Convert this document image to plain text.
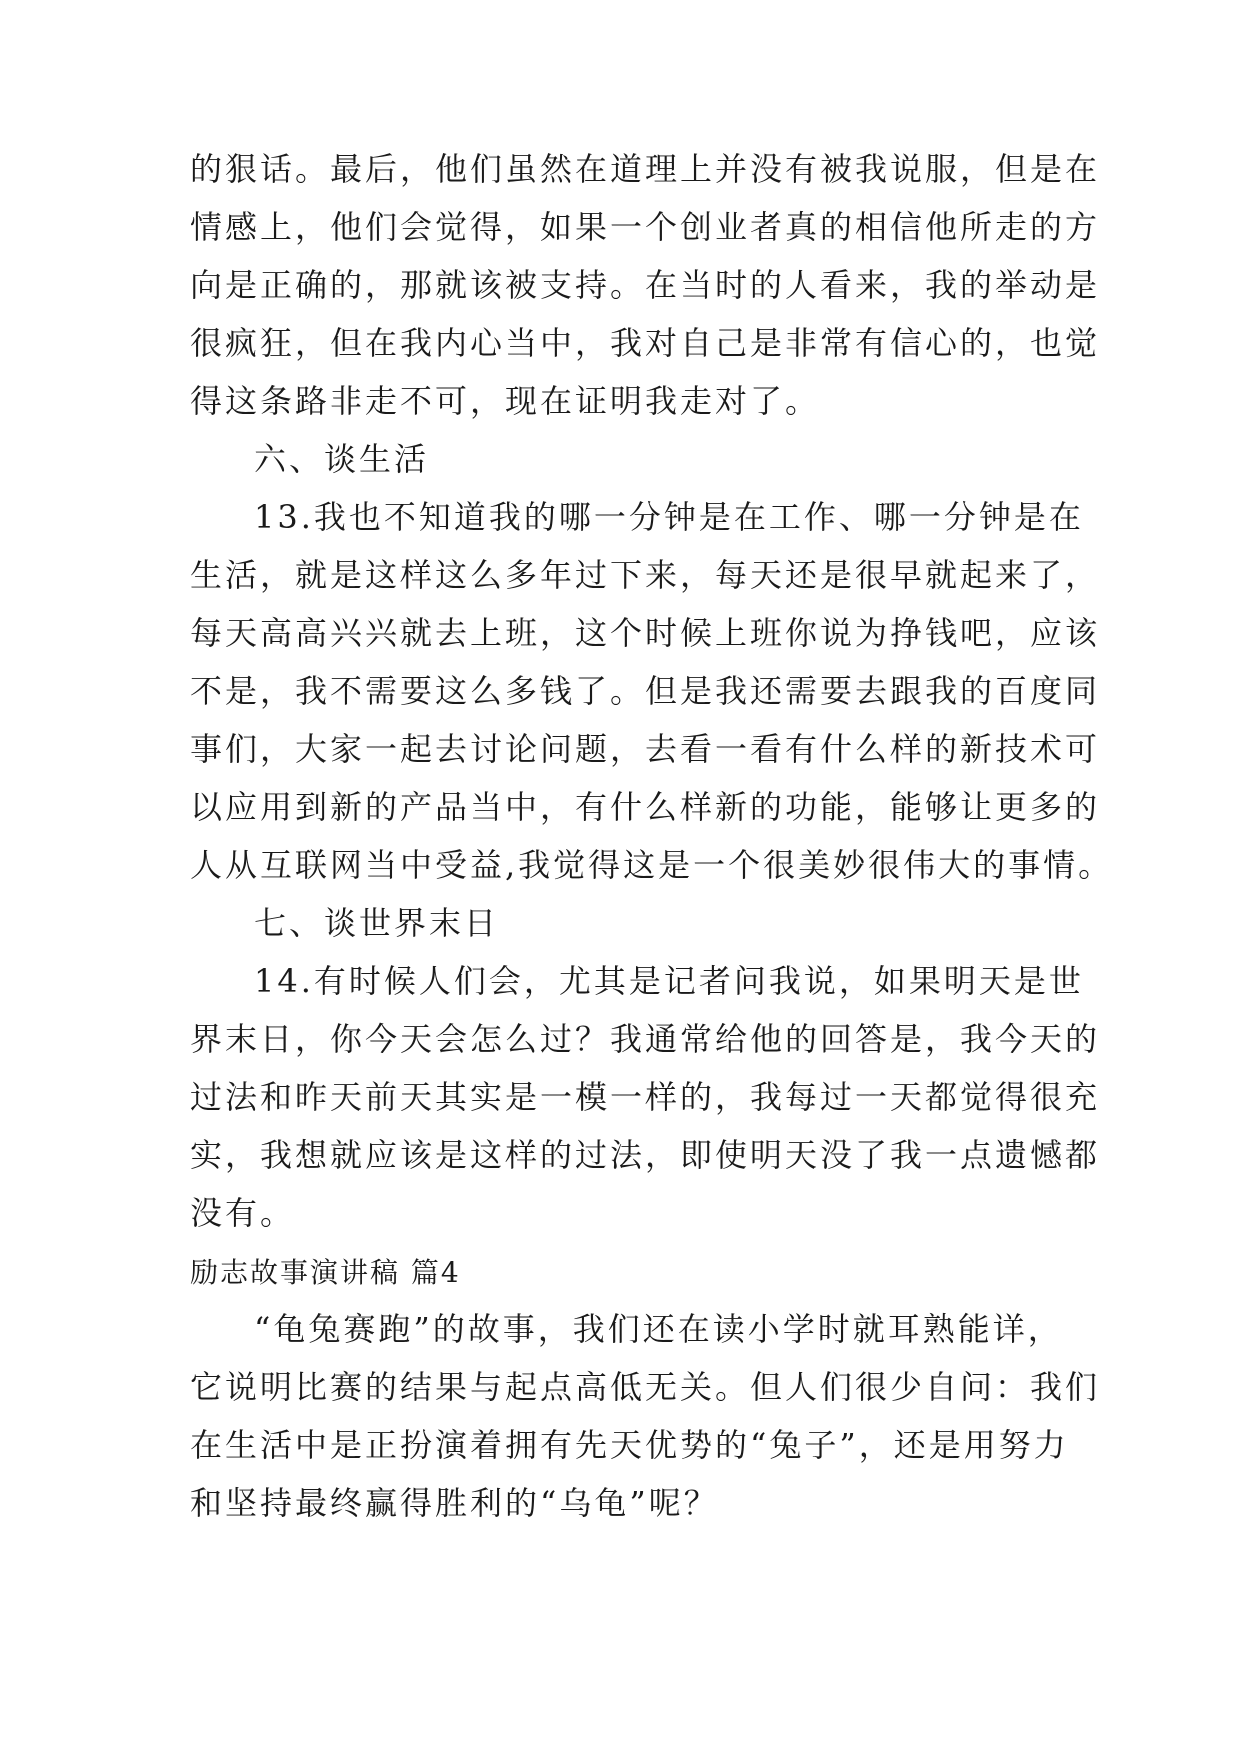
的狠话。最后，他们虽然在道理上并没有被我说服，但是在
情感上，他们会觉得，如果一个创业者真的相信他所走的方
向是正确的，那就该被支持。在当时的人看来，我的举动是
很疯狂，但在我内心当中，我对自己是非常有信心的，也觉
得这条路非走不可，现在证明我走对了。
六、谈生活
13.我也不知道我的哪一分钟是在工作、哪一分钟是在
生活，就是这样这么多年过下来，每天还是很早就起来了，
每天高高兴兴就去上班，这个时候上班你说为挣钱吧，应该
不是，我不需要这么多钱了。但是我还需要去跟我的百度同
事们，大家一起去讨论问题，去看一看有什么样的新技术可
以应用到新的产品当中，有什么样新的功能，能够让更多的
人从互联网当中受益,我觉得这是一个很美妙很伟大的事情。
七、谈世界末日
14.有时候人们会，尤其是记者问我说，如果明天是世
界末日，你今天会怎么过？我通常给他的回答是，我今天的
过法和昨天前天其实是一模一样的，我每过一天都觉得很充
实，我想就应该是这样的过法，即使明天没了我一点遗憾都
没有。
励志故事演讲稿 篇4
“龟兔赛跑”的故事，我们还在读小学时就耳熟能详，
它说明比赛的结果与起点高低无关。但人们很少自问：我们
在生活中是正扮演着拥有先天优势的“兔子”，还是用努力
和坚持最终赢得胜利的“乌龟”呢？
